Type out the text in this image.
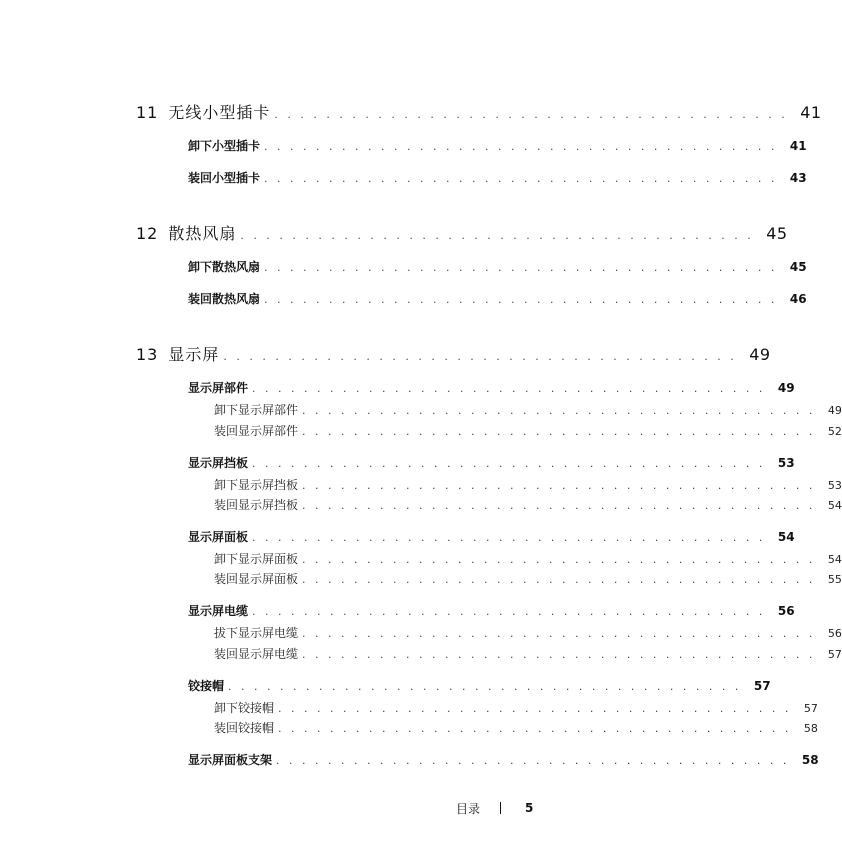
11 无线小型插卡 ........................................ 41
卸下小型插卡 ........................................ 41
装回小型插卡 ........................................ 43
12 散热风扇 ........................................ 45
卸下散热风扇 ........................................ 45
装回散热风扇 ........................................ 46
13 显示屏 ........................................ 49
显示屏部件 ........................................ 49
卸下显示屏部件 ........................................ 49
装回显示屏部件 ........................................ 52
显示屏挡板 ........................................ 53
卸下显示屏挡板 ........................................ 53
装回显示屏挡板 ........................................ 54
显示屏面板 ........................................ 54
卸下显示屏面板 ........................................ 54
装回显示屏面板 ........................................ 55
显示屏电缆 ........................................ 56
拔下显示屏电缆 ........................................ 56
装回显示屏电缆 ........................................ 57
铰接帽 ........................................ 57
卸下铰接帽 ........................................ 57
装回铰接帽 ........................................ 58
显示屏面板支架 ........................................ 58
目录	5
